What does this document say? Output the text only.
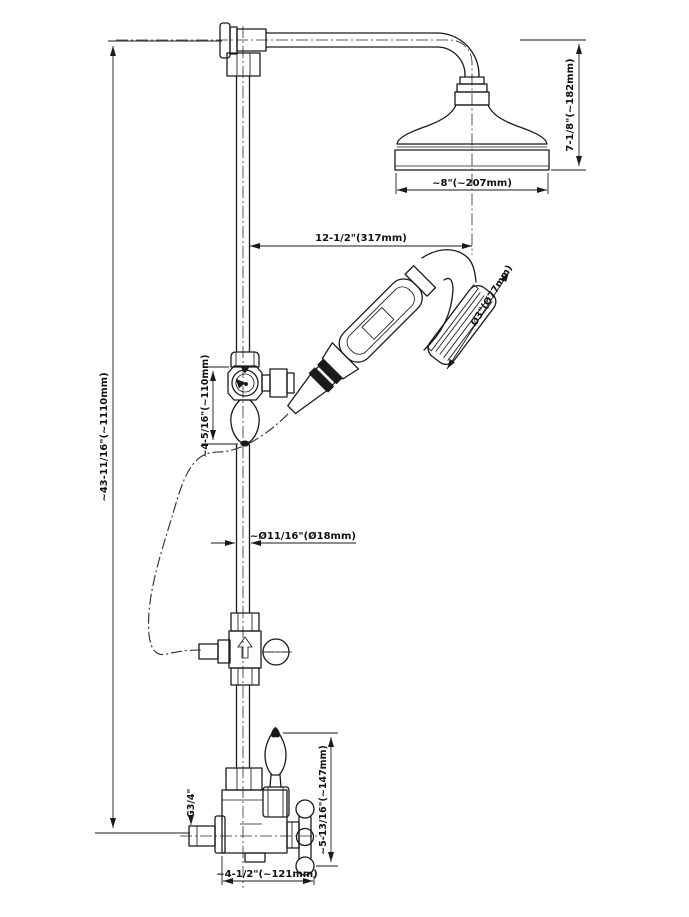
~8"(~207mm)
7-1/8"(~182mm)
12-1/2"(317mm)
~Ø11/16"(Ø18mm)
~4-5/16"(~110mm)
Ø3"(Ø77mm)
G3/4"	~5-13/16"(~147mm)
~4-1/2"(~121mm)
~43-11/16"(~1110mm)
